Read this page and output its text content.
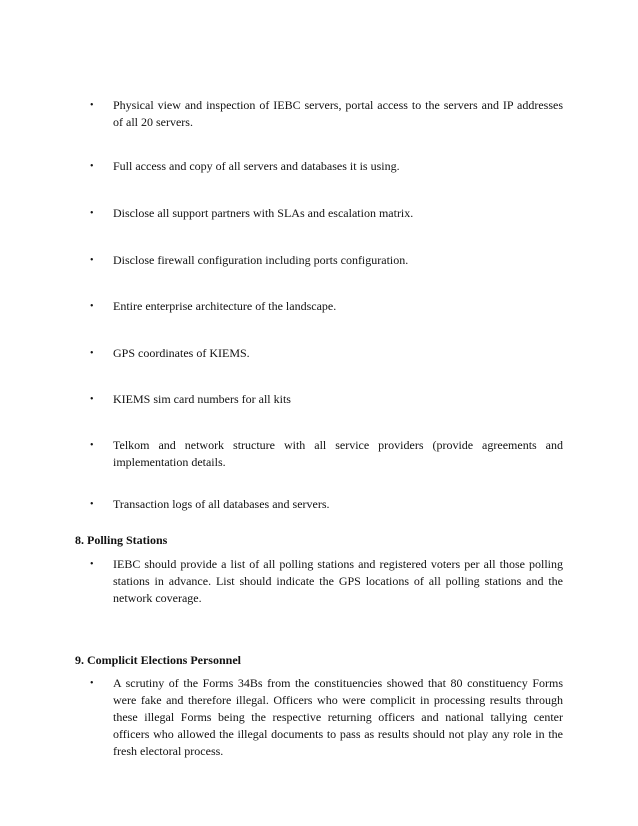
•	Physical view and inspection of IEBC servers, portal access to the servers and IP addresses of all 20 servers.
•	Full access and copy of all servers and databases it is using.
•	Disclose all support partners with SLAs and escalation matrix.
•	Disclose firewall configuration including ports configuration.
•	Entire enterprise architecture of the landscape.
•	GPS coordinates of KIEMS.
•	KIEMS sim card numbers for all kits
•	Telkom and network structure with all service providers (provide agreements and implementation details.
•	Transaction logs of all databases and servers.
8. Polling Stations
•	IEBC should provide a list of all polling stations and registered voters per all those polling stations in advance. List should indicate the GPS locations of all polling stations and the network coverage.
9. Complicit Elections Personnel
•	A scrutiny of the Forms 34Bs from the constituencies showed that 80 constituency Forms were fake and therefore illegal. Officers who were complicit in processing results through these illegal Forms being the respective returning officers and national tallying center officers who allowed the illegal documents to pass as results should not play any role in the fresh electoral process.
